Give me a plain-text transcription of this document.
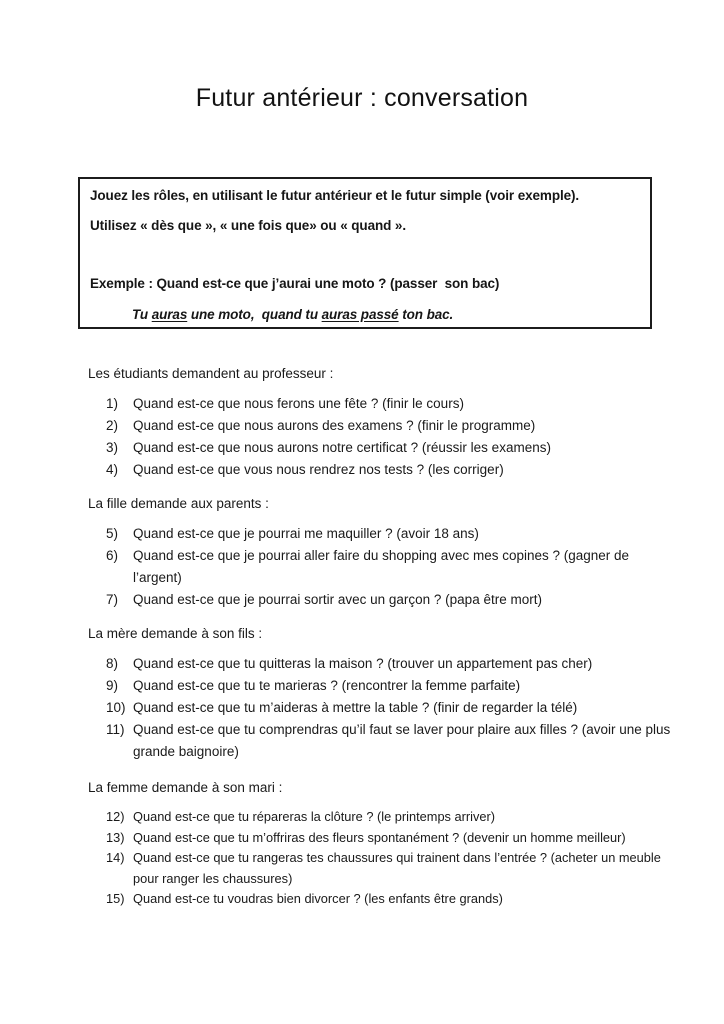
Futur antérieur : conversation

Jouez les rôles, en utilisant le futur antérieur et le futur simple (voir exemple).

Utilisez « dès que », « une fois que» ou « quand ».

Exemple : Quand est-ce que j’aurai une moto ? (passer  son bac)

Tu auras une moto,  quand tu auras passé ton bac.

Les étudiants demandent au professeur :

1)	Quand est-ce que nous ferons une fête ? (finir le cours)
2)	Quand est-ce que nous aurons des examens ? (finir le programme)
3)	Quand est-ce que nous aurons notre certificat ? (réussir les examens)
4)	Quand est-ce que vous nous rendrez nos tests ? (les corriger)

La fille demande aux parents :

5)	Quand est-ce que je pourrai me maquiller ? (avoir 18 ans)
6)	Quand est-ce que je pourrai aller faire du shopping avec mes copines ? (gagner de l’argent)
7)	Quand est-ce que je pourrai sortir avec un garçon ? (papa être mort)

La mère demande à son fils :

8)	Quand est-ce que tu quitteras la maison ? (trouver un appartement pas cher)
9)	Quand est-ce que tu te marieras ? (rencontrer la femme parfaite)
10) Quand est-ce que tu m’aideras à mettre la table ? (finir de regarder la télé)
11) Quand est-ce que tu comprendras qu’il faut se laver pour plaire aux filles ? (avoir une plus grande baignoire)

La femme demande à son mari :

12) Quand est-ce que tu répareras la clôture ? (le printemps arriver)
13) Quand est-ce que tu m’offriras des fleurs spontanément ? (devenir un homme meilleur)
14) Quand est-ce que tu rangeras tes chaussures qui trainent dans l’entrée ? (acheter un meuble pour ranger les chaussures)
15) Quand est-ce tu voudras bien divorcer ? (les enfants être grands)
